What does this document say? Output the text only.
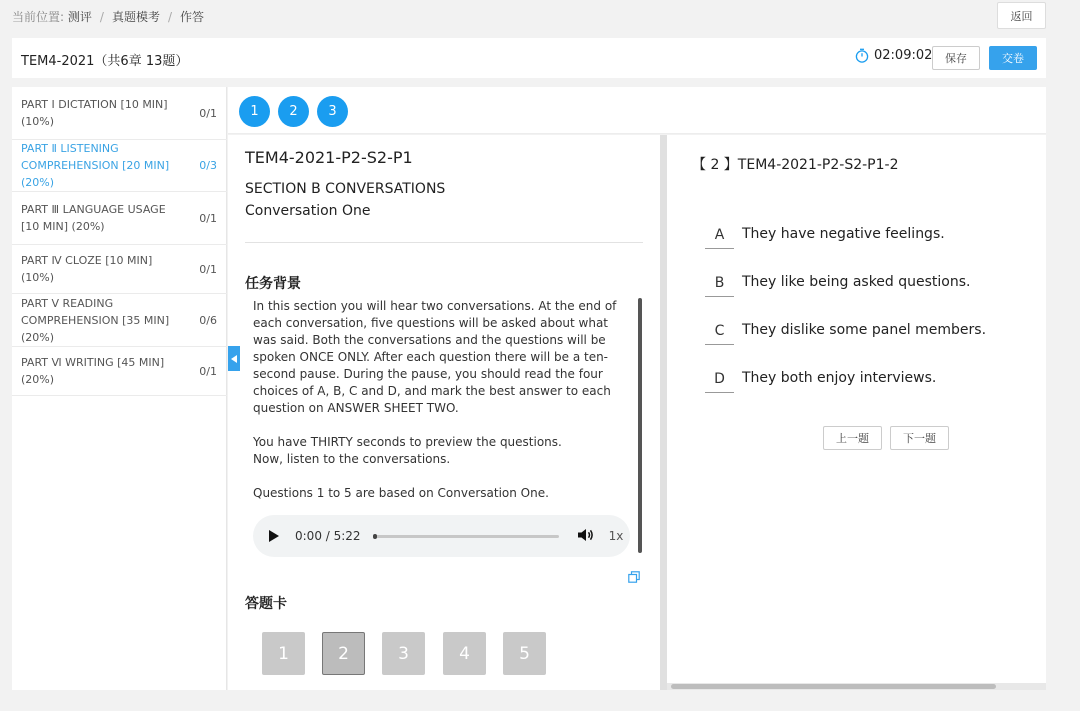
当前位置: 测评 / 真题模考 / 作答	返回
TEM4-2021（共6章 13题）	02:09:02	保存	交卷
PART Ⅰ DICTATION [10 MIN] (10%)
0/1
PART Ⅱ LISTENING COMPREHENSION [20 MIN] (20%)
0/3
PART Ⅲ LANGUAGE USAGE [10 MIN] (20%)
0/1
PART Ⅳ CLOZE [10 MIN] (10%)
0/1
PART Ⅴ READING COMPREHENSION [35 MIN] (20%)
0/6
PART Ⅵ WRITING [45 MIN] (20%)
0/1
1	2	3
TEM4-2021-P2-S2-P1
SECTION B CONVERSATIONS
Conversation One
任务背景

In this section you will hear two conversations. At the end of each conversation, five questions will be asked about what was said. Both the conversations and the questions will be spoken ONCE ONLY. After each question there will be a ten-second pause. During the pause, you should read the four choices of A, B, C and D, and mark the best answer to each question on ANSWER SHEET TWO.

You have THIRTY seconds to preview the questions.

Now, listen to the conversations.

Questions 1 to 5 are based on Conversation One.

0:00 / 5:22	1x
答题卡
1	2	3	4	5
【 2 】TEM4-2021-P2-S2-P1-2
A	They have negative feelings.
B	They like being asked questions.
C	They dislike some panel members.
D	They both enjoy interviews.
上一题	下一题
